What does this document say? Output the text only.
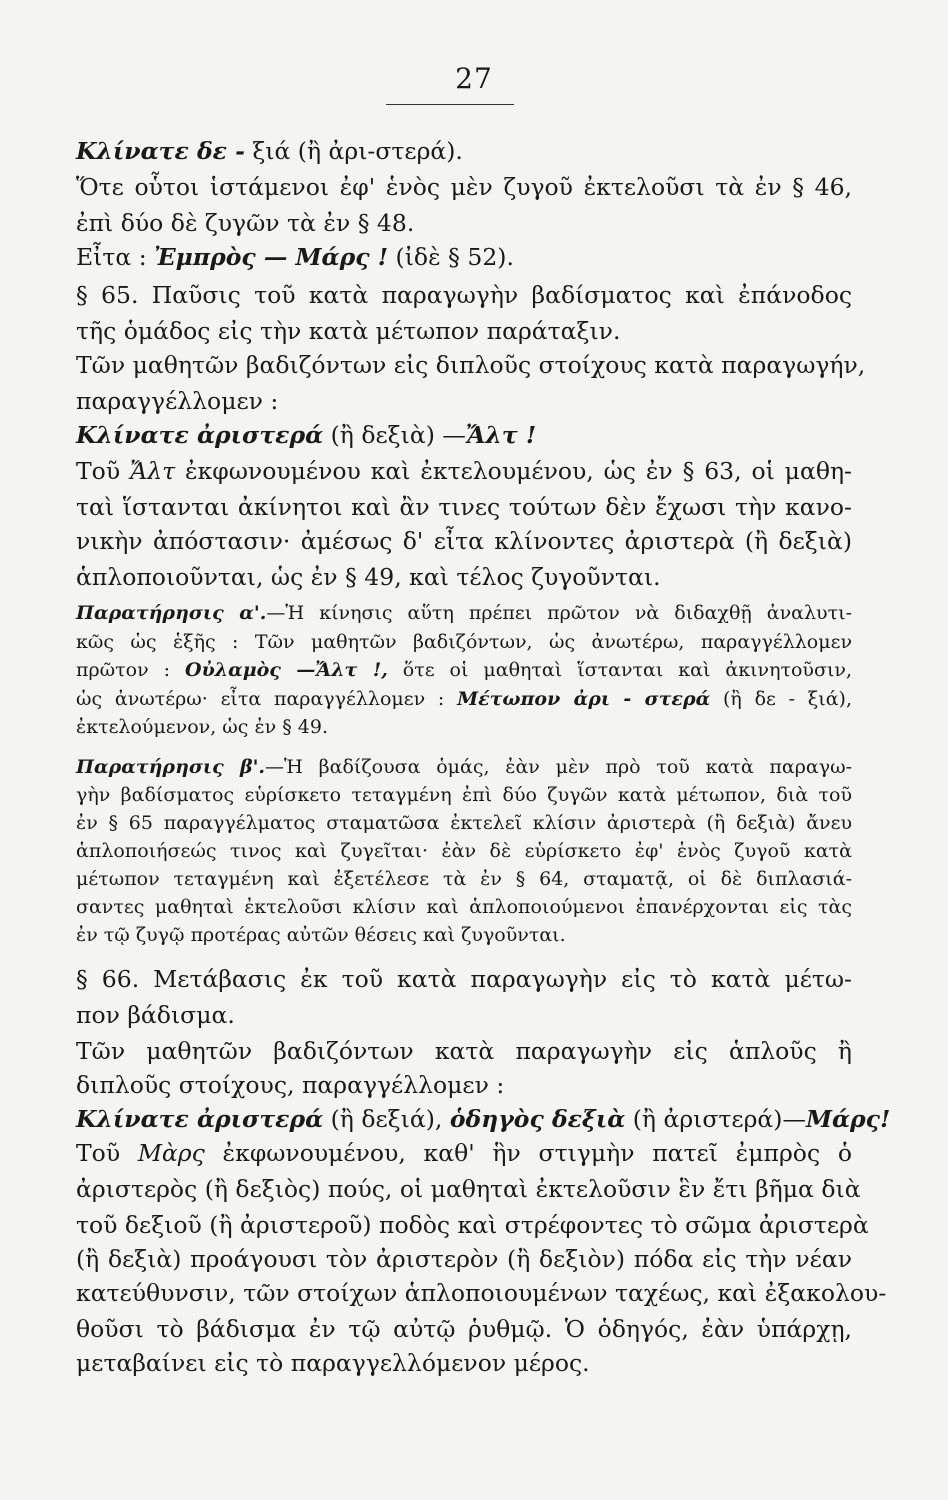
27
Κλίνατε δε - ξιά (ἢ ἀρι-στερά).
Ὅτε οὗτοι ἱστάμενοι ἐφ' ἑνὸς μὲν ζυγοῦ ἐκτελοῦσι τὰ ἐν § 46,
ἐπὶ δύο δὲ ζυγῶν τὰ ἐν § 48.
Εἶτα : Ἐμπρὸς — Μάρς ! (ἰδὲ § 52).
§ 65. Παῦσις τοῦ κατὰ παραγωγὴν βαδίσματος καὶ ἐπάνοδος
τῆς ὁμάδος εἰς τὴν κατὰ μέτωπον παράταξιν.
Τῶν μαθητῶν βαδιζόντων εἰς διπλοῦς στοίχους κατὰ παραγωγήν,
παραγγέλλομεν :
Κλίνατε ἀριστερά (ἢ δεξιὰ) —Ἄλτ !
Τοῦ Ἄλτ ἐκφωνουμένου καὶ ἐκτελουμένου, ὡς ἐν § 63, οἱ μαθη-
ταὶ ἵστανται ἀκίνητοι καὶ ἂν τινες τούτων δὲν ἔχωσι τὴν κανο-
νικὴν ἀπόστασιν· ἀμέσως δ' εἶτα κλίνοντες ἀριστερὰ (ἢ δεξιὰ)
ἁπλοποιοῦνται, ὡς ἐν § 49, καὶ τέλος ζυγοῦνται.
Παρατήρησις α'.—Ἡ κίνησις αὕτη πρέπει πρῶτον νὰ διδαχθῇ ἀναλυτι-
κῶς ὡς ἑξῆς : Τῶν μαθητῶν βαδιζόντων, ὡς ἀνωτέρω, παραγγέλλομεν
πρῶτον : Οὐλαμὸς —Ἄλτ !, ὅτε οἱ μαθηταὶ ἵστανται καὶ ἀκινητοῦσιν,
ὡς ἀνωτέρω· εἶτα παραγγέλλομεν : Μέτωπον ἀρι - στερά (ἢ δε - ξιά),
ἐκτελούμενον, ὡς ἐν § 49.
Παρατήρησις β'.—Ἡ βαδίζουσα ὁμάς, ἐὰν μὲν πρὸ τοῦ κατὰ παραγω-
γὴν βαδίσματος εὑρίσκετο τεταγμένη ἐπὶ δύο ζυγῶν κατὰ μέτωπον, διὰ τοῦ
ἐν § 65 παραγγέλματος σταματῶσα ἐκτελεῖ κλίσιν ἀριστερὰ (ἢ δεξιὰ) ἄνευ
ἁπλοποιήσεώς τινος καὶ ζυγεῖται· ἐὰν δὲ εὑρίσκετο ἐφ' ἑνὸς ζυγοῦ κατὰ
μέτωπον τεταγμένη καὶ ἐξετέλεσε τὰ ἐν § 64, σταματᾷ, οἱ δὲ διπλασιά-
σαντες μαθηταὶ ἐκτελοῦσι κλίσιν καὶ ἁπλοποιούμενοι ἐπανέρχονται εἰς τὰς
ἐν τῷ ζυγῷ προτέρας αὐτῶν θέσεις καὶ ζυγοῦνται.
§ 66. Μετάβασις ἐκ τοῦ κατὰ παραγωγὴν εἰς τὸ κατὰ μέτω-
πον βάδισμα.
Τῶν μαθητῶν βαδιζόντων κατὰ παραγωγὴν εἰς ἁπλοῦς ἢ
διπλοῦς στοίχους, παραγγέλλομεν :
Κλίνατε ἀριστερά (ἢ δεξιά), ὁδηγὸς δεξιὰ (ἢ ἀριστερά)—Μάρς!
Τοῦ Μὰρς ἐκφωνουμένου, καθ' ἣν στιγμὴν πατεῖ ἐμπρὸς ὁ
ἀριστερὸς (ἢ δεξιὸς) πούς, οἱ μαθηταὶ ἐκτελοῦσιν ἓν ἔτι βῆμα διὰ
τοῦ δεξιοῦ (ἢ ἀριστεροῦ) ποδὸς καὶ στρέφοντες τὸ σῶμα ἀριστερὰ
(ἢ δεξιὰ) προάγουσι τὸν ἀριστερὸν (ἢ δεξιὸν) πόδα εἰς τὴν νέαν
κατεύθυνσιν, τῶν στοίχων ἁπλοποιουμένων ταχέως, καὶ ἐξακολου-
θοῦσι τὸ βάδισμα ἐν τῷ αὐτῷ ῥυθμῷ. Ὁ ὁδηγός, ἐὰν ὑπάρχῃ,
μεταβαίνει εἰς τὸ παραγγελλόμενον μέρος.
